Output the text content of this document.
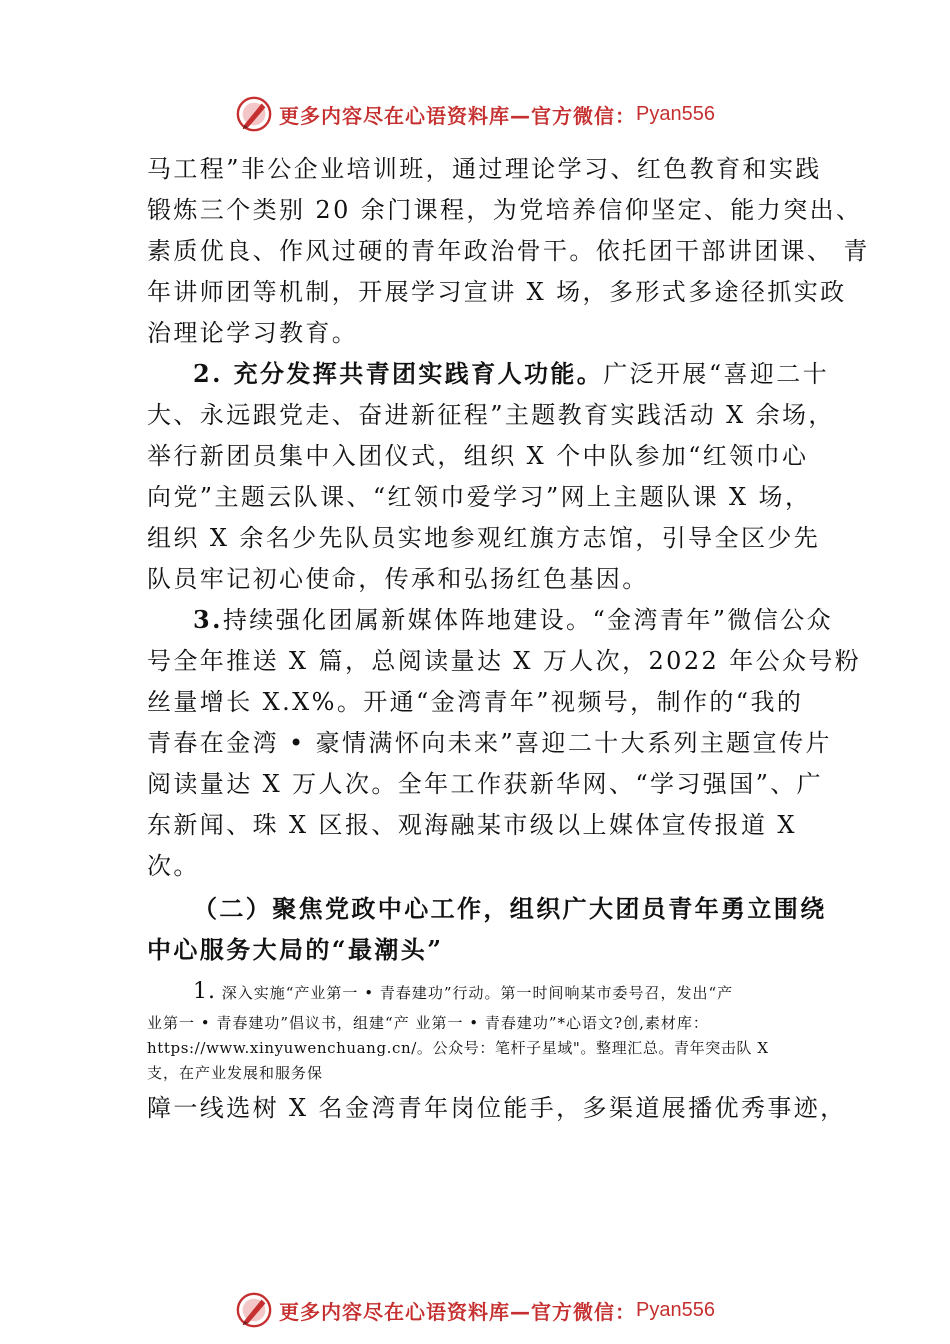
更多内容尽在心语资料库—官方微信： Pyan556
马工程”非公企业培训班，通过理论学习、红色教育和实践
锻炼三个类别 20 余门课程，为党培养信仰坚定、能力突出、
素质优良、作风过硬的青年政治骨干。依托团干部讲团课、 青
年讲师团等机制，开展学习宣讲 X 场，多形式多途径抓实政
治理论学习教育。
2. 充分发挥共青团实践育人功能。广泛开展“喜迎二十
大、永远跟党走、奋进新征程”主题教育实践活动 X 余场，
举行新团员集中入团仪式，组织 X 个中队参加“红领巾心
向党”主题云队课、“红领巾爱学习”网上主题队课 X 场，
组织 X 余名少先队员实地参观红旗方志馆，引导全区少先
队员牢记初心使命，传承和弘扬红色基因。
3.持续强化团属新媒体阵地建设。“金湾青年”微信公众
号全年推送 X 篇，总阅读量达 X 万人次，2022 年公众号粉
丝量增长 X.X%。开通“金湾青年”视频号，制作的“我的
青春在金湾 • 豪情满怀向未来”喜迎二十大系列主题宣传片
阅读量达 X 万人次。全年工作获新华网、“学习强国”、广
东新闻、珠 X 区报、观海融某市级以上媒体宣传报道 X
次。
（二）聚焦党政中心工作，组织广大团员青年勇立围绕
中心服务大局的“最潮头”
1. 深入实施“产业第一 • 青春建功”行动。第一时间响某市委号召，发出“产
业第一 • 青春建功”倡议书，组建“产 业第一 • 青春建功”*心语文?创,素材库：
https://www.xinyuwenchuang.cn/。公众号：笔杆子星域"。整理汇总。青年突击队 X
支，在产业发展和服务保
障一线选树 X 名金湾青年岗位能手，多渠道展播优秀事迹，
更多内容尽在心语资料库—官方微信： Pyan556
